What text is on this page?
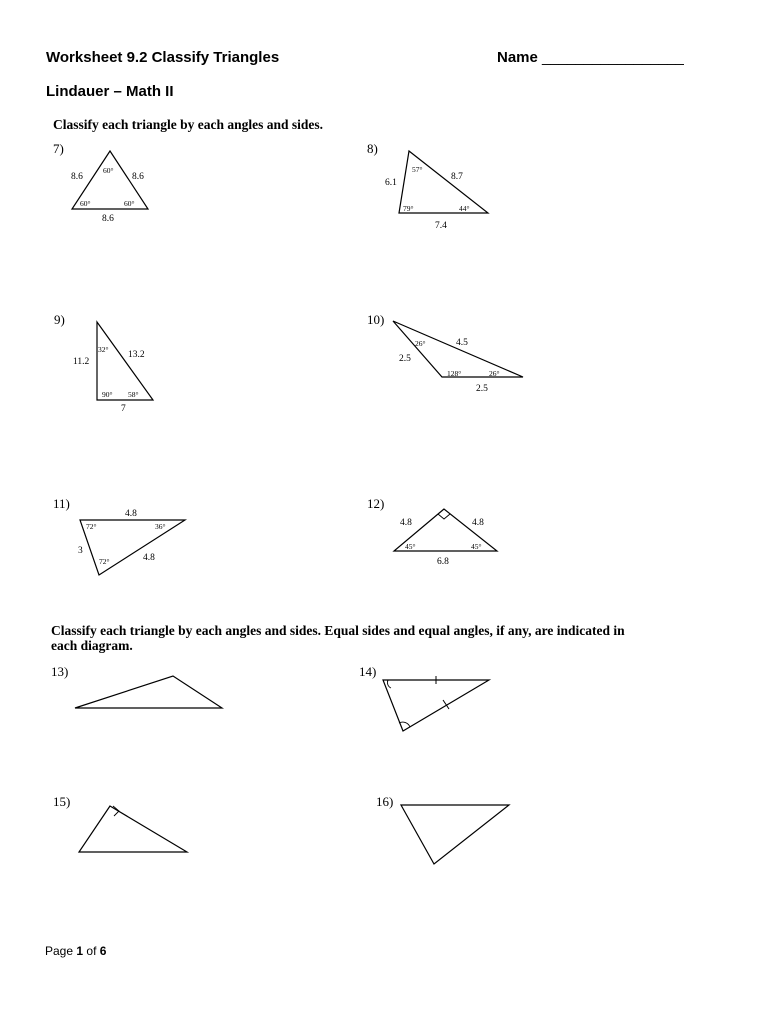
Worksheet 9.2 Classify Triangles	Name _________________
Lindauer – Math II
Classify each triangle by each angles and sides.
7)	8)
9)	10)
11)	12)
Classify each triangle by each angles and sides. Equal sides and equal angles, if any, are indicated in
each diagram.
13)	14)
15)	16)
8.6	8.6
8.6
60°
60°	60°
6.1
8.7
7.4
57°
79°	44°
11.2
13.2
7
32°
90° 58°
4.5
2.5
2.5
26°
128°	26°
4.8
3
4.8
72°	36°
72°
4.8	4.8
6.8
45°	45°
Page 1 of 6
